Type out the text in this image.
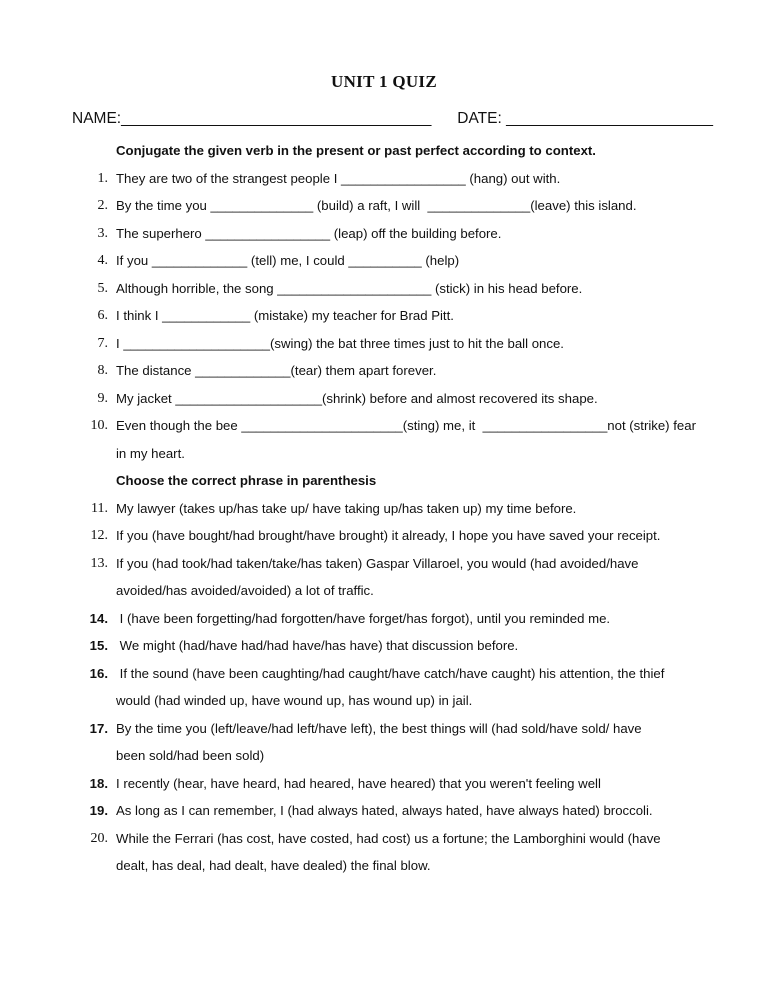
UNIT 1 QUIZ
NAME:____________________________________ DATE: ________________________
Conjugate the given verb in the present or past perfect according to context.
1. They are two of the strangest people I _________________ (hang) out with.
2. By the time you ______________ (build) a raft, I will  ______________(leave) this island.
3. The superhero _________________ (leap) off the building before.
4. If you _____________ (tell) me, I could __________ (help)
5. Although horrible, the song _____________________ (stick) in his head before.
6. I think I ____________ (mistake) my teacher for Brad Pitt.
7. I ____________________(swing) the bat three times just to hit the ball once.
8. The distance _____________(tear) them apart forever.
9. My jacket ____________________(shrink) before and almost recovered its shape.
10. Even though the bee ______________________(sting) me, it  _________________not (strike) fear
in my heart.
Choose the correct phrase in parenthesis
11. My lawyer (takes up/has take up/ have taking up/has taken up) my time before.
12. If you (have bought/had brought/have brought) it already, I hope you have saved your receipt.
13. If you (had took/had taken/take/has taken) Gaspar Villaroel, you would (had avoided/have
avoided/has avoided/avoided) a lot of traffic.
14. I (have been forgetting/had forgotten/have forget/has forgot), until you reminded me.
15. We might (had/have had/had have/has have) that discussion before.
16. If the sound (have been caughting/had caught/have catch/have caught) his attention, the thief
would (had winded up, have wound up, has wound up) in jail.
17. By the time you (left/leave/had left/have left), the best things will (had sold/have sold/ have
been sold/had been sold)
18. I recently (hear, have heard, had heared, have heared) that you weren't feeling well
19. As long as I can remember, I (had always hated, always hated, have always hated) broccoli.
20. While the Ferrari (has cost, have costed, had cost) us a fortune; the Lamborghini would (have
dealt, has deal, had dealt, have dealed) the final blow.
